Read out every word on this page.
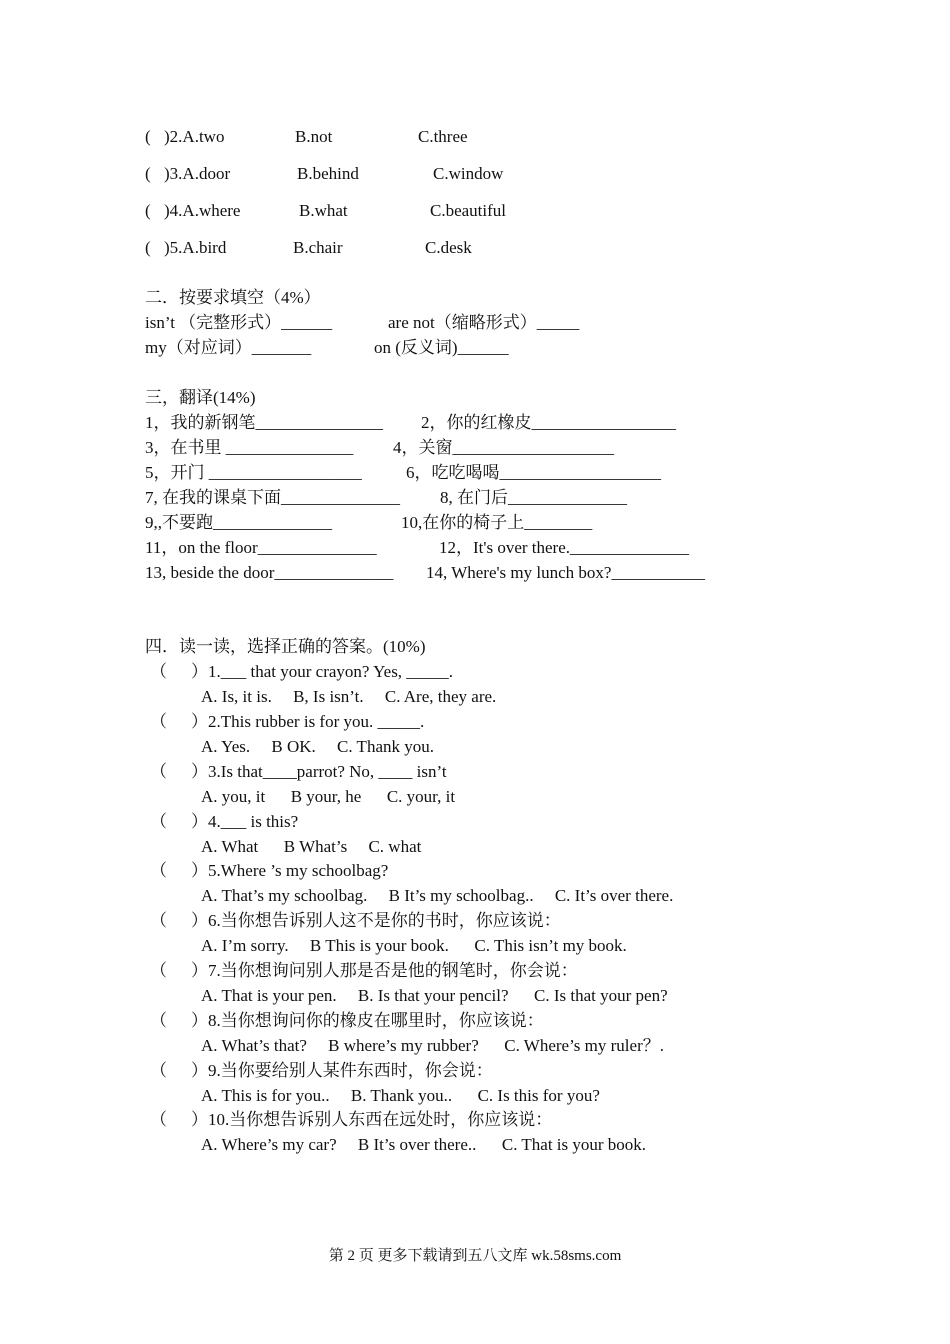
( )2.A.two	B.not	C.three
( )3.A.door	B.behind	C.window
( )4.A.where	B.what	C.beautiful
( )5.A.bird	B.chair	C.desk
二．按要求填空（4%）
isn’t （完整形式）______	are not（缩略形式）_____
my（对应词）_______	on (反义词)______
三，翻译(14%)
1，我的新钢笔_______________ 2，你的红橡皮_________________
3，在书里 _______________ 4，关窗___________________
5，开门 __________________	6，吃吃喝喝___________________
7, 在我的课桌下面______________ 8, 在门后______________
9,,不要跑______________	10,在你的椅子上________
11，on the floor______________	12，It's over there.______________
13, beside the door______________ 14, Where's my lunch box?___________
四．读一读，选择正确的答案。(10%)
（ ）1.___ that your crayon? Yes, _____.
A. Is, it is.     B, Is isn’t.     C. Are, they are.
（ ）2.This rubber is for you. _____.
A. Yes.     B OK.     C. Thank you.
（ ）3.Is that____parrot? No, ____ isn’t
A. you, it      B your, he      C. your, it
（ ）4.___ is this?
A. What      B What’s     C. what
（ ）5.Where ’s my schoolbag?
A. That’s my schoolbag.     B It’s my schoolbag..     C. It’s over there.
（ ）6.当你想告诉别人这不是你的书时，你应该说：
A. I’m sorry.     B This is your book.      C. This isn’t my book.
（ ）7.当你想询问别人那是否是他的钢笔时，你会说：
A. That is your pen.     B. Is that your pencil?      C. Is that your pen?
（ ）8.当你想询问你的橡皮在哪里时，你应该说：
A. What’s that?     B where’s my rubber?      C. Where’s my ruler？.
（ ）9.当你要给别人某件东西时，你会说：
A. This is for you..     B. Thank you..      C. Is this for you?
（ ）10.当你想告诉别人东西在远处时，你应该说：
A. Where’s my car?     B It’s over there..      C. That is your book.
第 2 页 更多下载请到五八文库 wk.58sms.com
